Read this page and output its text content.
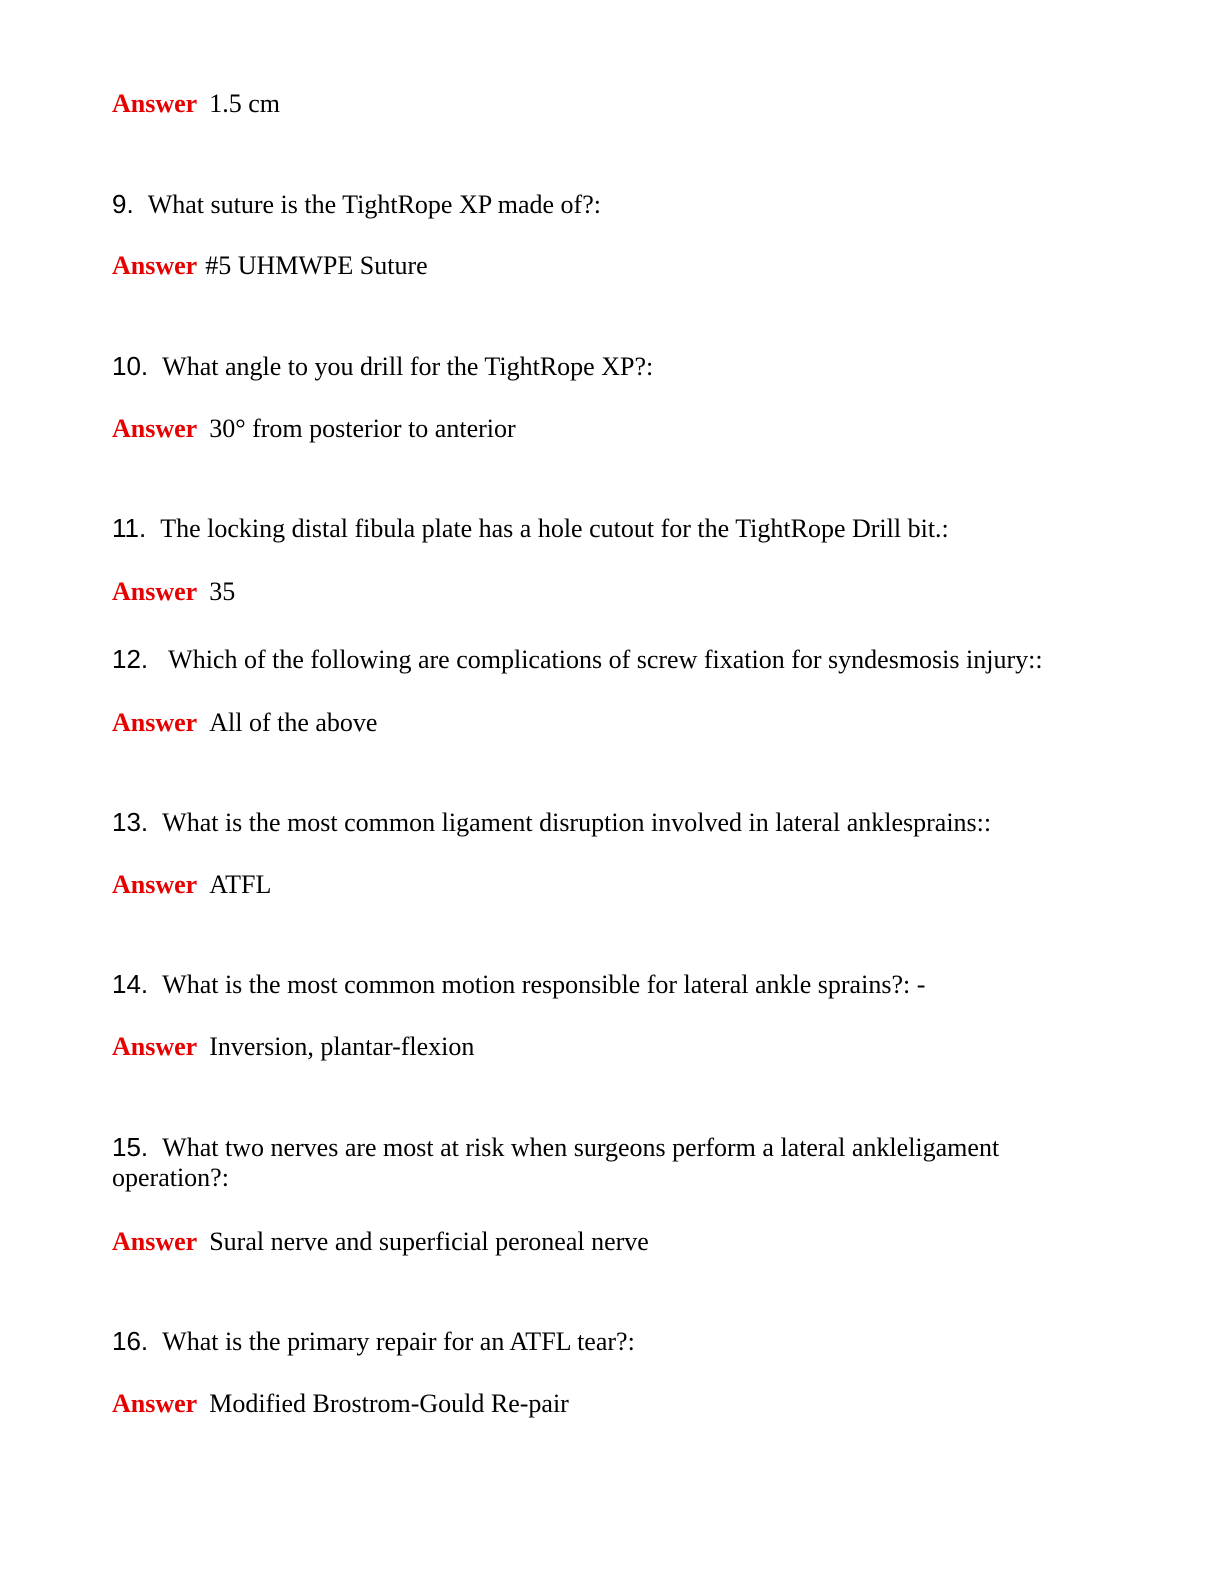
Answer 1.5 cm
9. What suture is the TightRope XP made of?:
Answer #5 UHMWPE Suture
10. What angle to you drill for the TightRope XP?:
Answer 30° from posterior to anterior
11. The locking distal fibula plate has a hole cutout for the TightRope Drill bit.:
Answer 35
12. Which of the following are complications of screw fixation for syndesmosis injury::
Answer All of the above
13. What is the most common ligament disruption involved in lateral anklesprains::
Answer ATFL
14. What is the most common motion responsible for lateral ankle sprains?: -
Answer Inversion, plantar-flexion
15. What two nerves are most at risk when surgeons perform a lateral ankleligament operation?:
Answer Sural nerve and superficial peroneal nerve
16. What is the primary repair for an ATFL tear?:
Answer Modified Brostrom-Gould Re-pair
